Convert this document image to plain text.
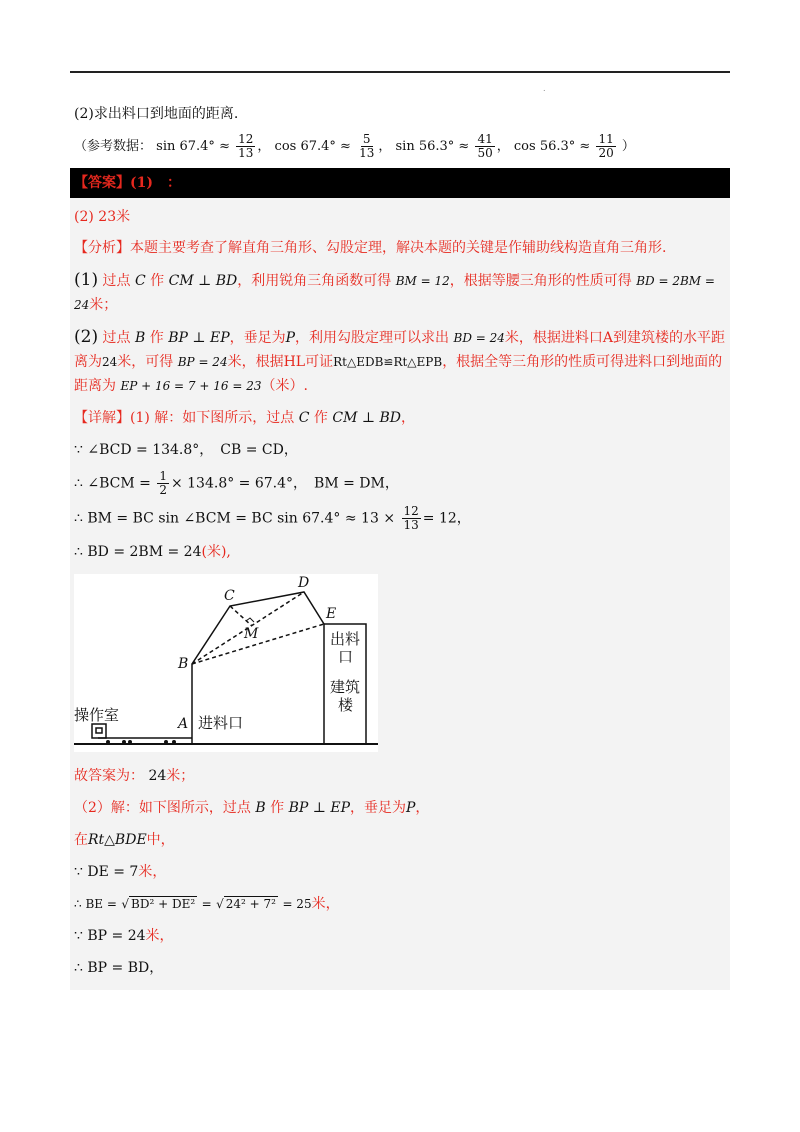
.
(2)求出料口到地面的距离.
（参考数据： $\sin 67.4^\circ \approx \frac{12}{13}$ ， $\cos 67.4^\circ \approx \frac{5}{13}$ ， $\sin 56.3^\circ \approx \frac{41}{50}$ ， $\cos 56.3^\circ \approx \frac{11}{20}$ ）
【答案】(1)　：
(2) 23米
【分析】本题主要考查了解直角三角形、勾股定理，解决本题的关键是作辅助线构造直角三角形.
(1) 过点 C 作 CM ⊥ BD，利用锐角三角函数可得 BM = 12，根据等腰三角形的性质可得 BD = 2BM = 24米；
(2) 过点 B 作 BP ⊥ EP，垂足为P，利用勾股定理可以求出 BD = 24米，根据进料口A到建筑楼的水平距离为24米，可得 BP = 24米，根据HL可证Rt△EDB≌Rt△EPB，根据全等三角形的性质可得进料口到地面的距离为 EP + 16 = 7 + 16 = 23（米）.
【详解】(1) 解：如下图所示，过点 C 作 CM ⊥ BD，
∵ ∠BCD = 134.8°，　CB = CD，
∴ ∠BCM = $\frac{1}{2} \times 134.8^\circ = 67.4^\circ$，　BM = DM，
∴ BM = BC sin ∠BCM = BC $\sin 67.4^\circ \approx 13 \times \frac{12}{13} = 12$，
∴ BD = 2BM = 24(米),
C
D
E
M
B
A
出料
口
建筑
楼
操作室	进料口
故答案为： 24米；
（2）解：如下图所示，过点 B 作 BP ⊥ EP，垂足为P，
在Rt△BDE中，
∵ DE = 7米，
∴ BE = √ BD² + DE² = √ 24² + 7² = 25米，
∵ BP = 24米，
∴ BP = BD，
